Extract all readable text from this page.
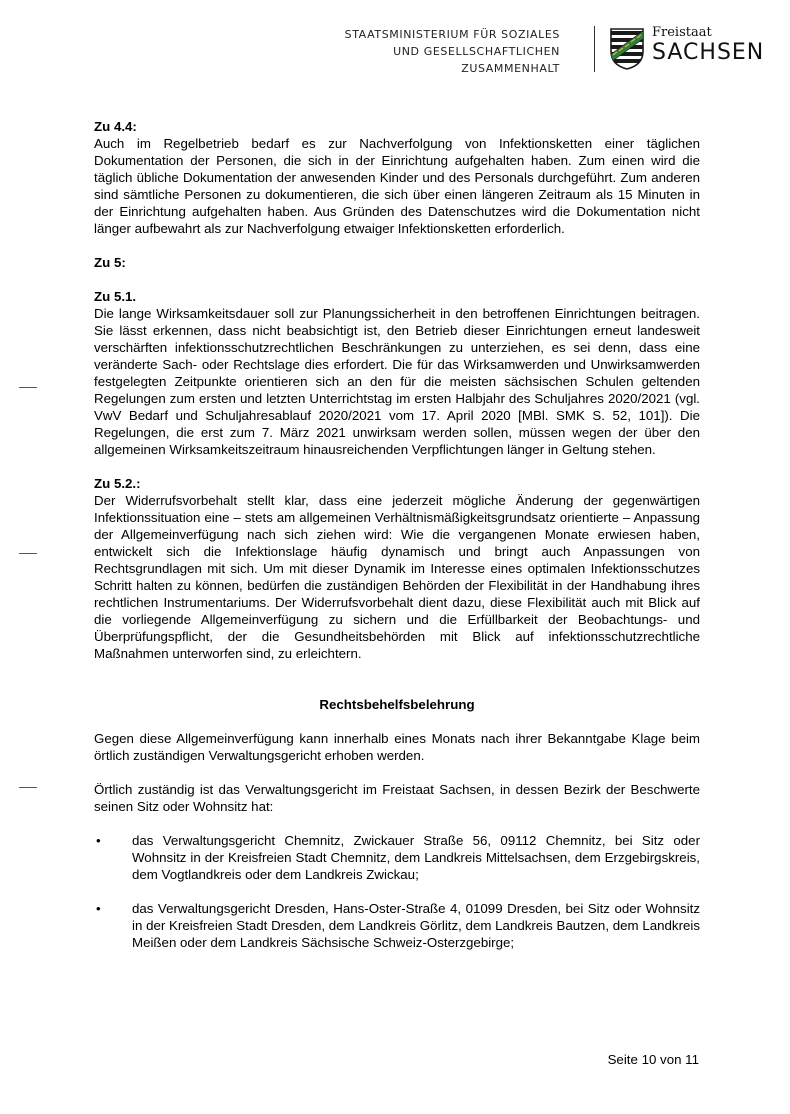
STAATSMINISTERIUM FÜR SOZIALES
UND GESELLSCHAFTLICHEN
ZUSAMMENHALT
Freistaat
SACHSEN

Zu 4.4:

Auch im Regelbetrieb bedarf es zur Nachverfolgung von Infektionsketten einer täglichen Dokumentation der Personen, die sich in der Einrichtung aufgehalten haben. Zum einen wird die täglich übliche Dokumentation der anwesenden Kinder und des Personals durchgeführt. Zum anderen sind sämtliche Personen zu dokumentieren, die sich über einen längeren Zeitraum als 15 Minuten in der Einrichtung aufgehalten haben. Aus Gründen des Datenschutzes wird die Dokumentation nicht länger aufbewahrt als zur Nachverfolgung etwaiger Infektionsketten erforderlich.

Zu 5:

Zu 5.1.

Die lange Wirksamkeitsdauer soll zur Planungssicherheit in den betroffenen Einrichtungen beitragen. Sie lässt erkennen, dass nicht beabsichtigt ist, den Betrieb dieser Einrichtungen erneut landesweit verschärften infektionsschutzrechtlichen Beschränkungen zu unterziehen, es sei denn, dass eine veränderte Sach- oder Rechtslage dies erfordert. Die für das Wirksamwerden und Unwirksamwerden festgelegten Zeitpunkte orientieren sich an den für die meisten sächsischen Schulen geltenden Regelungen zum ersten und letzten Unterrichtstag im ersten Halbjahr des Schuljahres 2020/2021 (vgl. VwV Bedarf und Schuljahresablauf 2020/2021 vom 17. April 2020 [MBl. SMK S. 52, 101]). Die Regelungen, die erst zum 7. März 2021 unwirksam werden sollen, müssen wegen der über den allgemeinen Wirksamkeitszeitraum hinausreichenden Verpflichtungen länger in Geltung stehen.

Zu 5.2.:

Der Widerrufsvorbehalt stellt klar, dass eine jederzeit mögliche Änderung der gegenwärtigen Infektionssituation eine – stets am allgemeinen Verhältnismäßigkeitsgrundsatz orientierte – Anpassung der Allgemeinverfügung nach sich ziehen wird: Wie die vergangenen Monate erwiesen haben, entwickelt sich die Infektionslage häufig dynamisch und bringt auch Anpassungen von Rechtsgrundlagen mit sich. Um mit dieser Dynamik im Interesse eines optimalen Infektionsschutzes Schritt halten zu können, bedürfen die zuständigen Behörden der Flexibilität in der Handhabung ihres rechtlichen Instrumentariums. Der Widerrufsvorbehalt dient dazu, diese Flexibilität auch mit Blick auf die vorliegende Allgemeinverfügung zu sichern und die Erfüllbarkeit der Beobachtungs- und Überprüfungspflicht, der die Gesundheitsbehörden mit Blick auf infektionsschutzrechtliche Maßnahmen unterworfen sind, zu erleichtern.

Rechtsbehelfsbelehrung

Gegen diese Allgemeinverfügung kann innerhalb eines Monats nach ihrer Bekanntgabe Klage beim örtlich zuständigen Verwaltungsgericht erhoben werden.

Örtlich zuständig ist das Verwaltungsgericht im Freistaat Sachsen, in dessen Bezirk der Beschwerte seinen Sitz oder Wohnsitz hat:

• das Verwaltungsgericht Chemnitz, Zwickauer Straße 56, 09112 Chemnitz, bei Sitz oder Wohnsitz in der Kreisfreien Stadt Chemnitz, dem Landkreis Mittelsachsen, dem Erzgebirgskreis, dem Vogtlandkreis oder dem Landkreis Zwickau;

• das Verwaltungsgericht Dresden, Hans-Oster-Straße 4, 01099 Dresden, bei Sitz oder Wohnsitz in der Kreisfreien Stadt Dresden, dem Landkreis Görlitz, dem Landkreis Bautzen, dem Landkreis Meißen oder dem Landkreis Sächsische Schweiz-Osterzgebirge;

Seite 10 von 11
